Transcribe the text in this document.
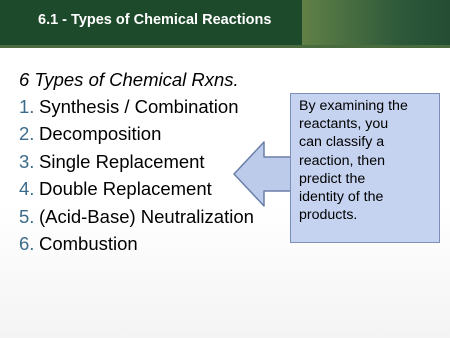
6.1 - Types of Chemical Reactions
6 Types of Chemical Rxns.
1. Synthesis / Combination
2. Decomposition
3. Single Replacement
4. Double Replacement
5. (Acid-Base) Neutralization
6. Combustion
By examining the
reactants, you
can classify a
reaction, then
predict the
identity of the
products.
